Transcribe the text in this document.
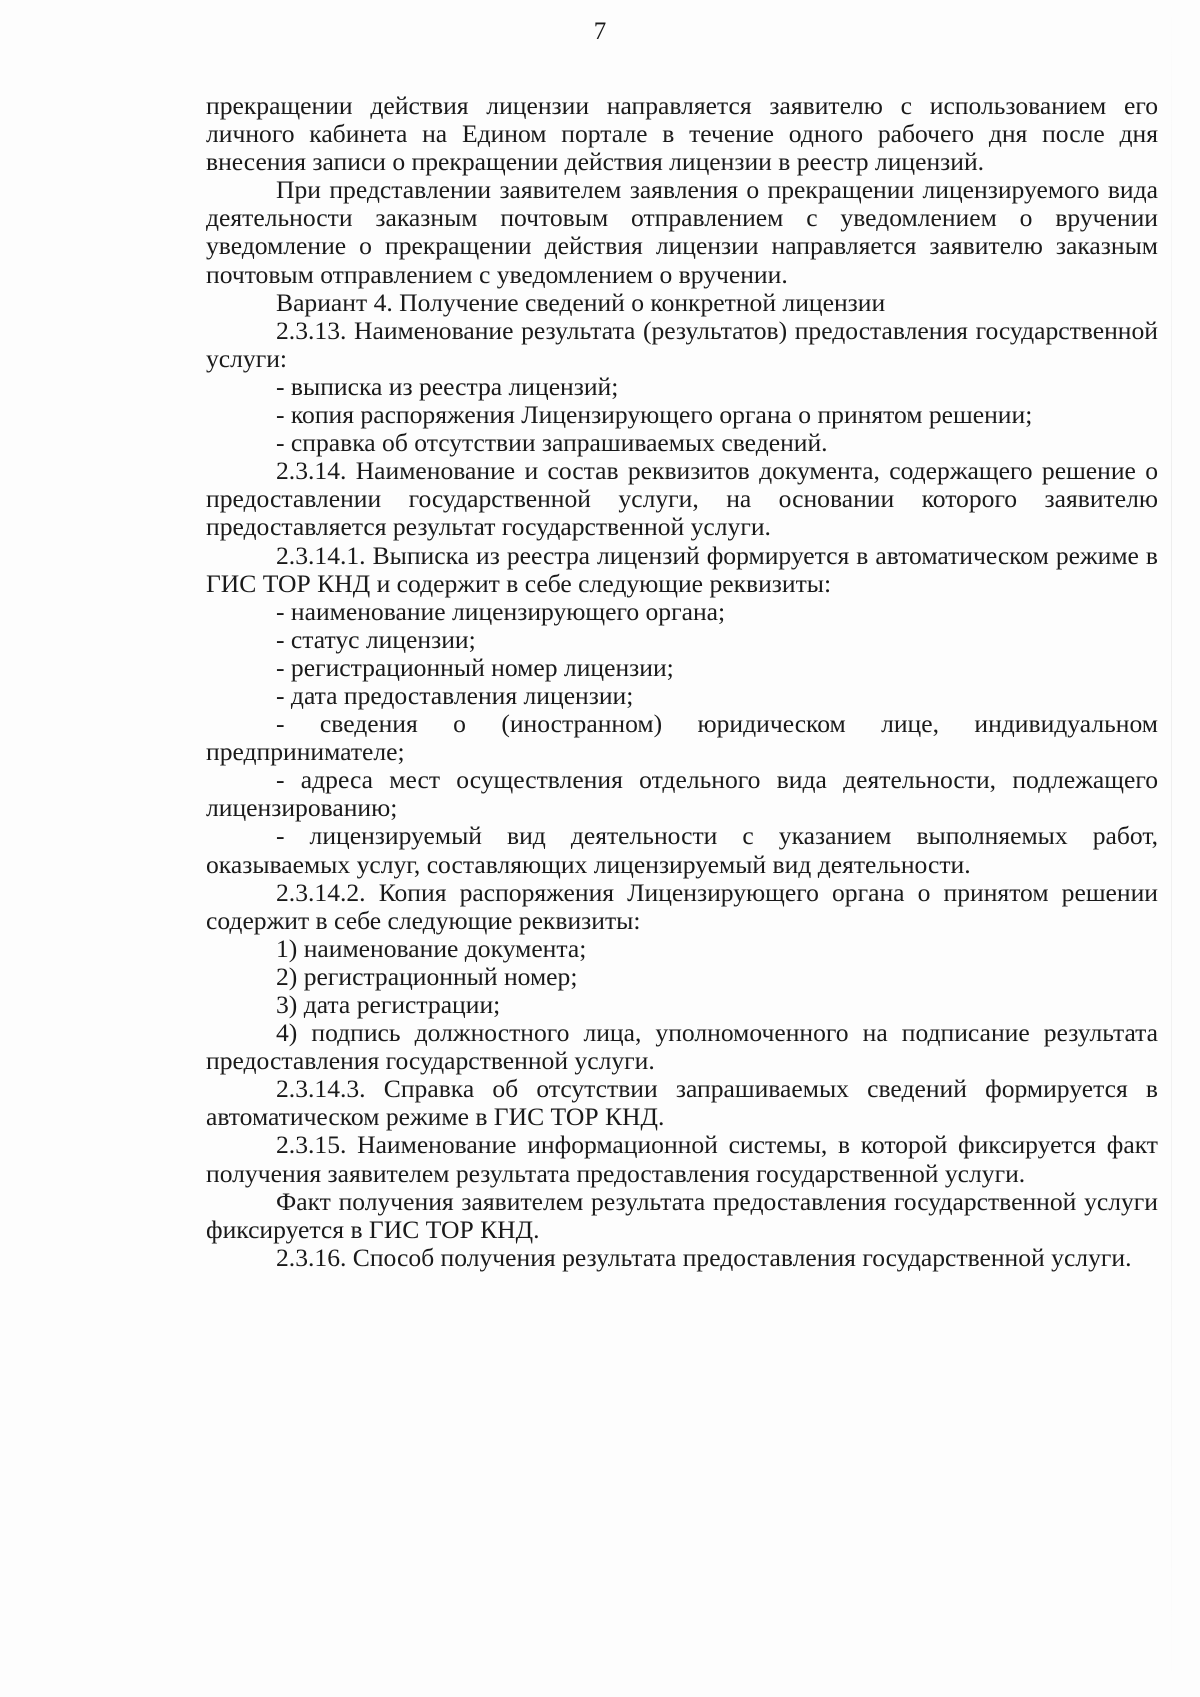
7

прекращении действия лицензии направляется заявителю с использованием его личного кабинета на Едином портале в течение одного рабочего дня после дня внесения записи о прекращении действия лицензии в реестр лицензий.

При представлении заявителем заявления о прекращении лицензируемого вида деятельности заказным почтовым отправлением с уведомлением о вручении уведомление о прекращении действия лицензии направляется заявителю заказным почтовым отправлением с уведомлением о вручении.

Вариант 4. Получение сведений о конкретной лицензии

2.3.13. Наименование результата (результатов) предоставления государственной услуги:

- выписка из реестра лицензий;

- копия распоряжения Лицензирующего органа о принятом решении;

- справка об отсутствии запрашиваемых сведений.

2.3.14. Наименование и состав реквизитов документа, содержащего решение о предоставлении государственной услуги, на основании которого заявителю предоставляется результат государственной услуги.

2.3.14.1. Выписка из реестра лицензий формируется в автоматическом режиме в ГИС ТОР КНД и содержит в себе следующие реквизиты:

- наименование лицензирующего органа;

- статус лицензии;

- регистрационный номер лицензии;

- дата предоставления лицензии;

- сведения о (иностранном) юридическом лице, индивидуальном предпринимателе;

- адреса мест осуществления отдельного вида деятельности, подлежащего лицензированию;

- лицензируемый вид деятельности с указанием выполняемых работ, оказываемых услуг, составляющих лицензируемый вид деятельности.

2.3.14.2. Копия распоряжения Лицензирующего органа о принятом решении содержит в себе следующие реквизиты:

1) наименование документа;

2) регистрационный номер;

3) дата регистрации;

4) подпись должностного лица, уполномоченного на подписание результата предоставления государственной услуги.

2.3.14.3. Справка об отсутствии запрашиваемых сведений формируется в автоматическом режиме в ГИС ТОР КНД.

2.3.15. Наименование информационной системы, в которой фиксируется факт получения заявителем результата предоставления государственной услуги.

Факт получения заявителем результата предоставления государственной услуги фиксируется в ГИС ТОР КНД.

2.3.16. Способ получения результата предоставления государственной услуги.
